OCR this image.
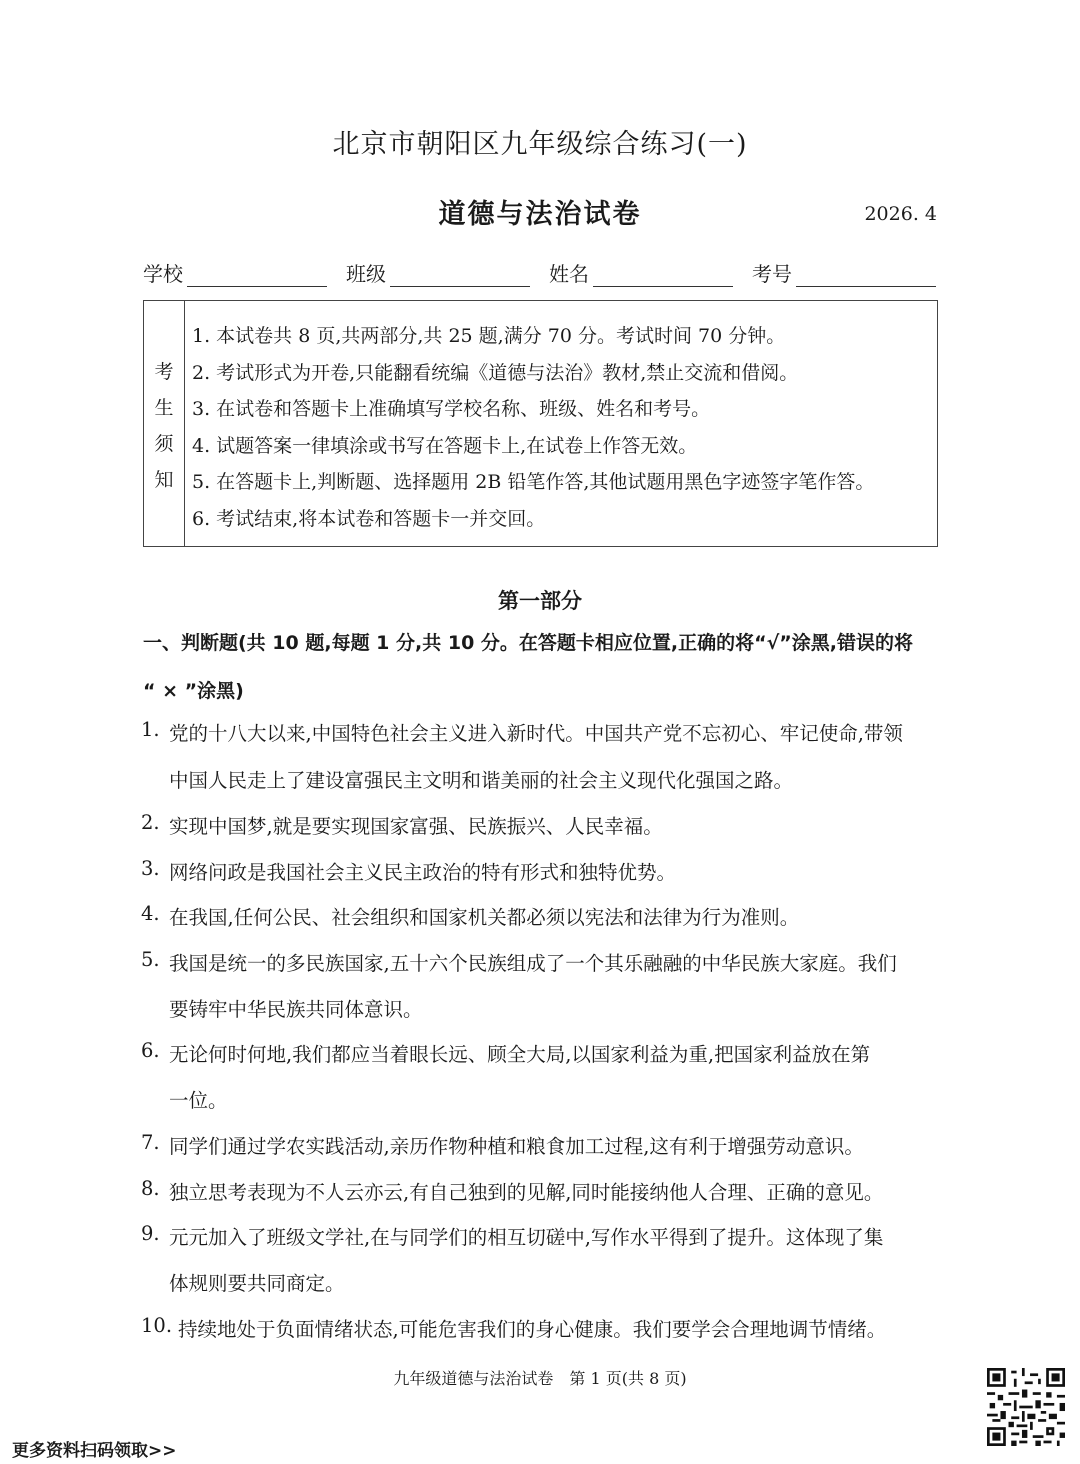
北京市朝阳区九年级综合练习(一)
道德与法治试卷	2026. 4
学校	班级	姓名	考号
考
生
须
知
1. 本试卷共 8 页,共两部分,共 25 题,满分 70 分。考试时间 70 分钟。
2. 考试形式为开卷,只能翻看统编《道德与法治》教材,禁止交流和借阅。
3. 在试卷和答题卡上准确填写学校名称、班级、姓名和考号。
4. 试题答案一律填涂或书写在答题卡上,在试卷上作答无效。
5. 在答题卡上,判断题、选择题用 2B 铅笔作答,其他试题用黑色字迹签字笔作答。
6. 考试结束,将本试卷和答题卡一并交回。
第一部分
一、判断题(共 10 题,每题 1 分,共 10 分。在答题卡相应位置,正确的将“√”涂黑,错误的将
“ × ”涂黑)
1. 党的十八大以来,中国特色社会主义进入新时代。中国共产党不忘初心、牢记使命,带领
中国人民走上了建设富强民主文明和谐美丽的社会主义现代化强国之路。
2. 实现中国梦,就是要实现国家富强、民族振兴、人民幸福。
3. 网络问政是我国社会主义民主政治的特有形式和独特优势。
4. 在我国,任何公民、社会组织和国家机关都必须以宪法和法律为行为准则。
5. 我国是统一的多民族国家,五十六个民族组成了一个其乐融融的中华民族大家庭。我们
要铸牢中华民族共同体意识。
6. 无论何时何地,我们都应当着眼长远、顾全大局,以国家利益为重,把国家利益放在第
一位。
7. 同学们通过学农实践活动,亲历作物种植和粮食加工过程,这有利于增强劳动意识。
8. 独立思考表现为不人云亦云,有自己独到的见解,同时能接纳他人合理、正确的意见。
9. 元元加入了班级文学社,在与同学们的相互切磋中,写作水平得到了提升。这体现了集
体规则要共同商定。
10. 持续地处于负面情绪状态,可能危害我们的身心健康。我们要学会合理地调节情绪。
九年级道德与法治试卷　第 1 页(共 8 页)
更多资料扫码领取>>
